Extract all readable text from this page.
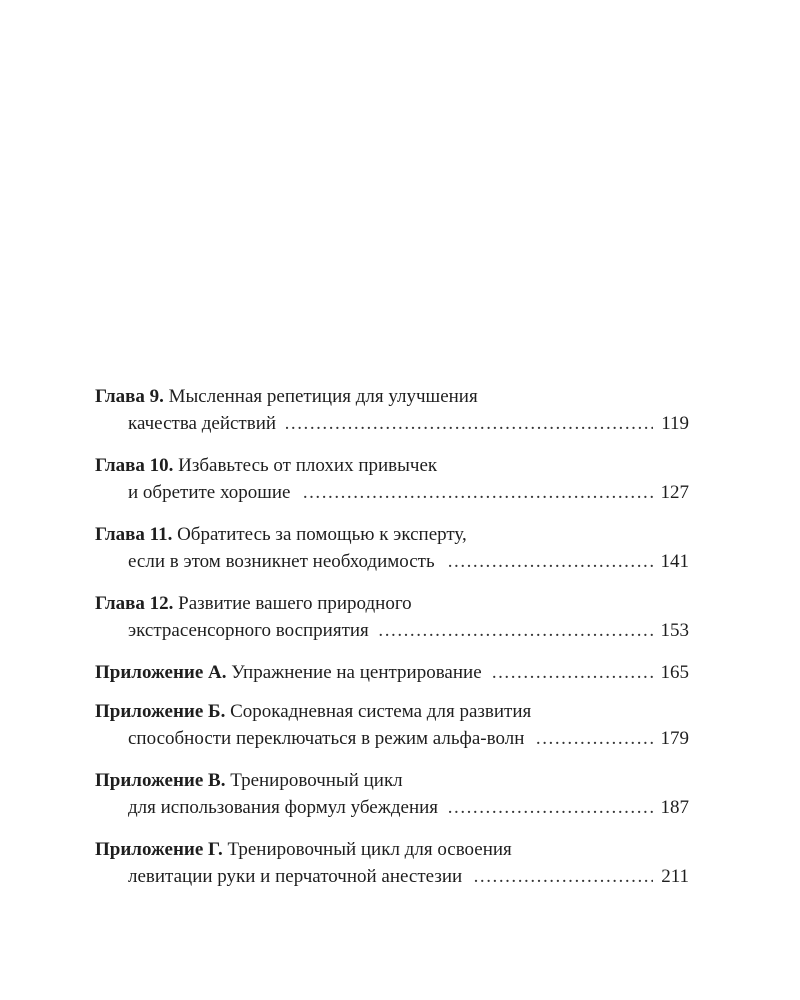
Глава 9. Мысленная репетиция для улучшения
качества действий . . .	119
Глава 10. Избавьтесь от плохих привычек
и обретите хорошие . . .	127
Глава 11. Обратитесь за помощью к эксперту,
если в этом возникнет необходимость . . .	141
Глава 12. Развитие вашего природного
экстрасенсорного восприятия . . .	153
Приложение А. Упражнение на центрирование . . .	165
Приложение Б. Сорокадневная система для развития
способности переключаться в режим альфа-волн . . .	179
Приложение В. Тренировочный цикл
для использования формул убеждения . . .	187
Приложение Г. Тренировочный цикл для освоения
левитации руки и перчаточной анестезии . . .	211
